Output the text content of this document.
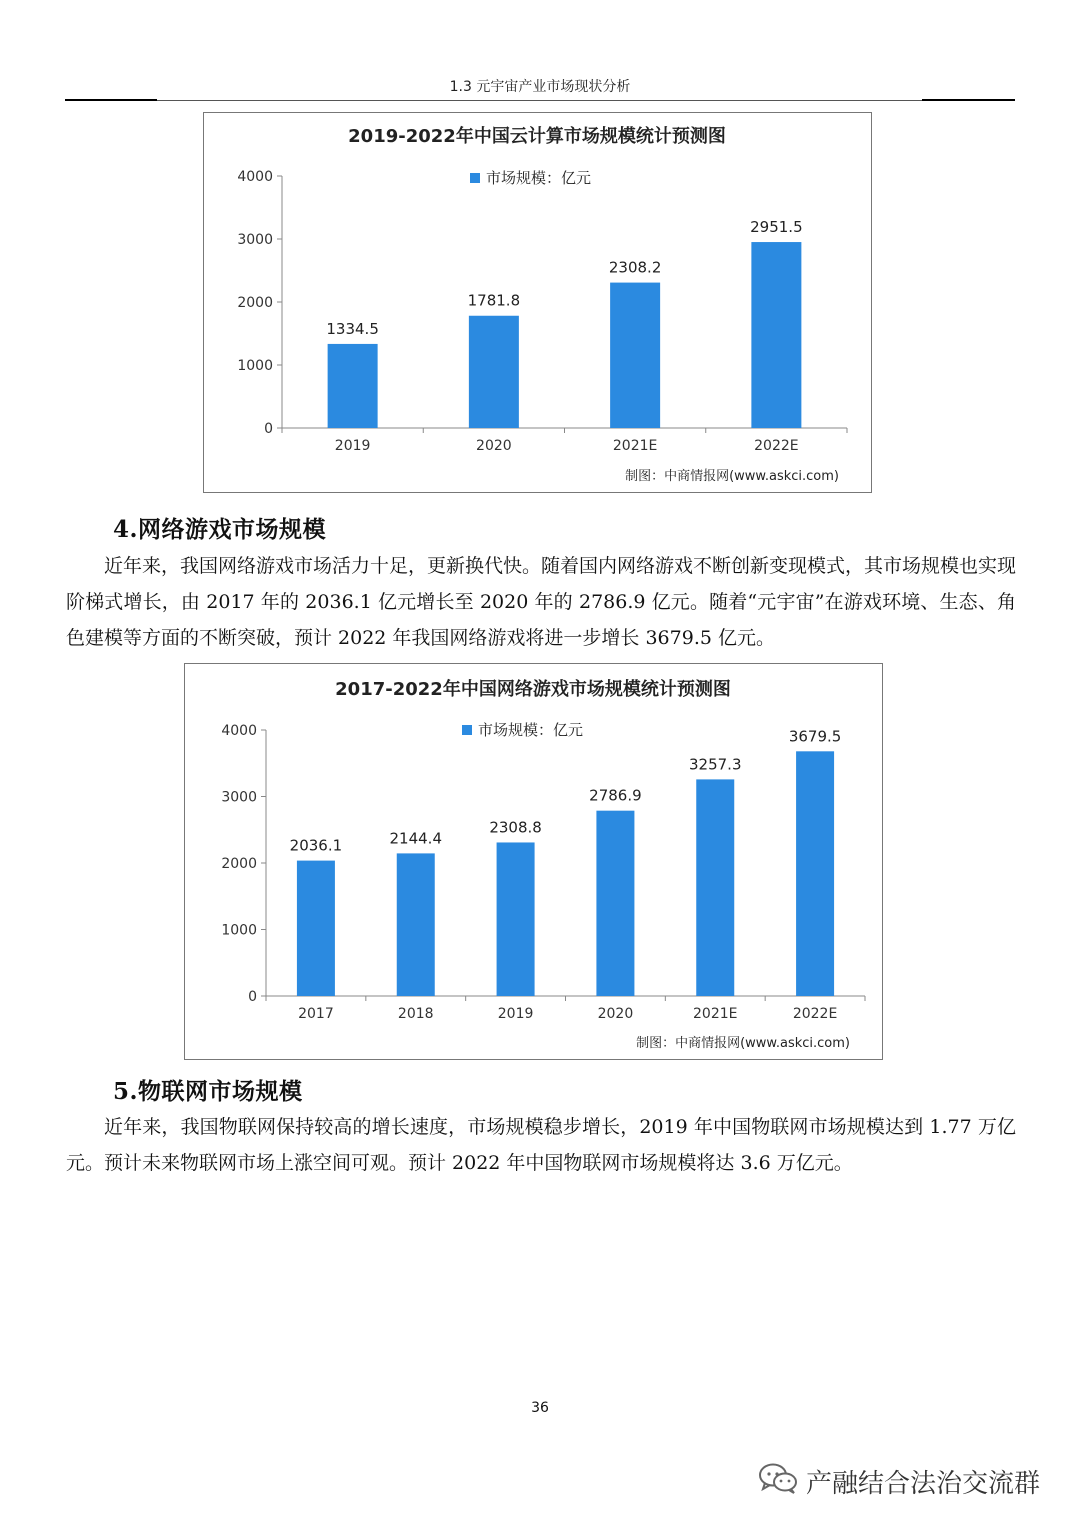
1.3 元宇宙产业市场现状分析
2019-2022年中国云计算市场规模统计预测图
市场规模：亿元
0
1000
2000
3000
4000
1334.5
2019
1781.8
2020
2308.2
2021E
2951.5
2022E
制图：中商情报网(www.askci.com)
4.网络游戏市场规模
近年来，我国网络游戏市场活力十足，更新换代快。随着国内网络游戏不断创新变现模式，其市场规模也实现阶梯式增长，由 2017 年的 2036.1 亿元增长至 2020 年的 2786.9 亿元。随着“元宇宙”在游戏环境、生态、角色建模等方面的不断突破，预计 2022 年我国网络游戏将进一步增长 3679.5 亿元。
2017-2022年中国网络游戏市场规模统计预测图
市场规模：亿元
0
1000
2000
3000
4000
2036.1
2017
2144.4
2018
2308.8
2019
2786.9
2020
3257.3
2021E
3679.5
2022E
制图：中商情报网(www.askci.com)
5.物联网市场规模
近年来，我国物联网保持较高的增长速度，市场规模稳步增长，2019 年中国物联网市场规模达到 1.77 万亿元。预计未来物联网市场上涨空间可观。预计 2022 年中国物联网市场规模将达 3.6 万亿元。
36
产融结合法治交流群
